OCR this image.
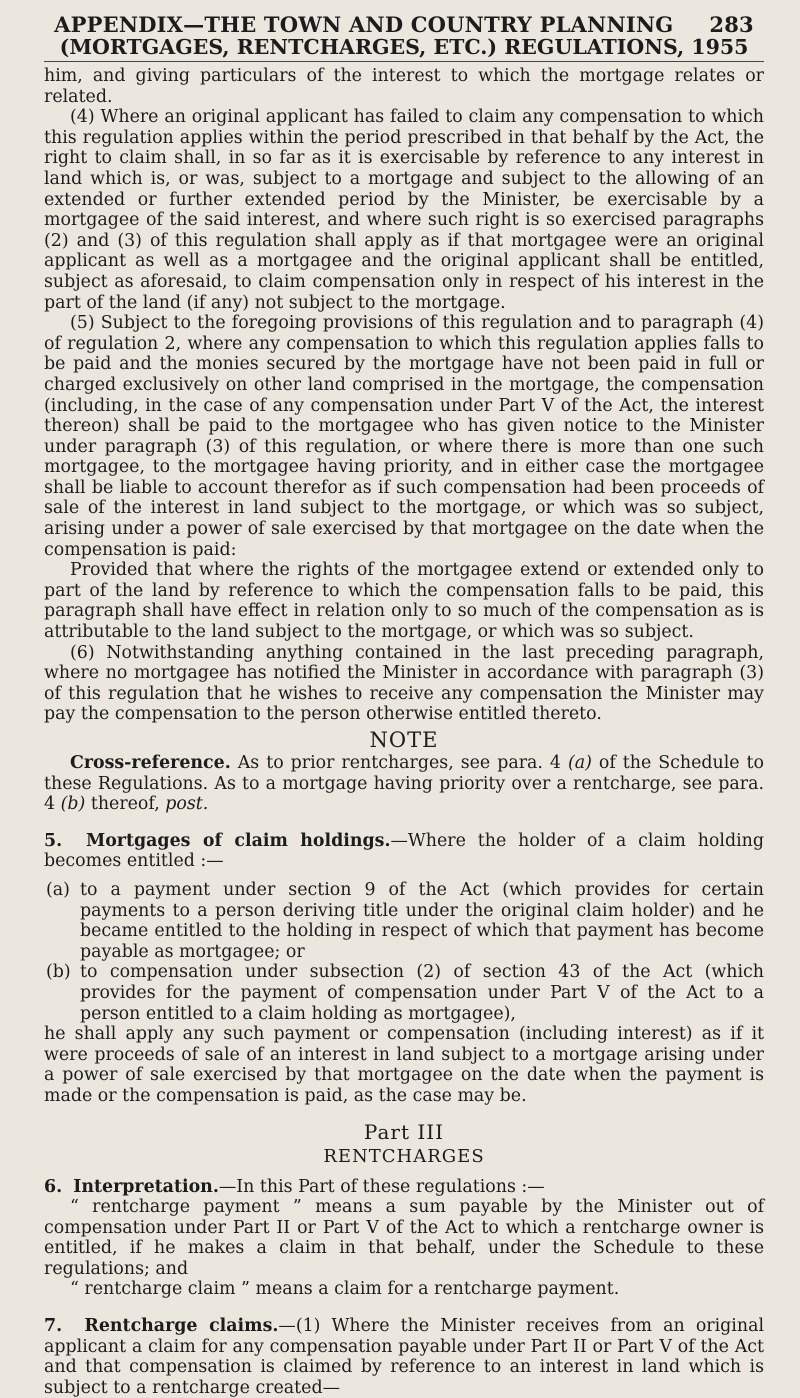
APPENDIX—THE TOWN AND COUNTRY PLANNING 283
(MORTGAGES, RENTCHARGES, ETC.) REGULATIONS, 1955

him, and giving particulars of the interest to which the mortgage relates or related.

(4) Where an original applicant has failed to claim any compensation to which this regulation applies within the period prescribed in that behalf by the Act, the right to claim shall, in so far as it is exercisable by reference to any interest in land which is, or was, subject to a mortgage and subject to the allowing of an extended or further extended period by the Minister, be exercisable by a mortgagee of the said interest, and where such right is so exercised paragraphs (2) and (3) of this regulation shall apply as if that mortgagee were an original applicant as well as a mortgagee and the original applicant shall be entitled, subject as aforesaid, to claim compensation only in respect of his interest in the part of the land (if any) not subject to the mortgage.

(5) Subject to the foregoing provisions of this regulation and to paragraph (4) of regulation 2, where any compensation to which this regulation applies falls to be paid and the monies secured by the mortgage have not been paid in full or charged exclusively on other land comprised in the mortgage, the compensation (including, in the case of any compensation under Part V of the Act, the interest thereon) shall be paid to the mortgagee who has given notice to the Minister under paragraph (3) of this regulation, or where there is more than one such mortgagee, to the mortgagee having priority, and in either case the mortgagee shall be liable to account therefor as if such compensation had been proceeds of sale of the interest in land subject to the mortgage, or which was so subject, arising under a power of sale exercised by that mortgagee on the date when the compensation is paid:

Provided that where the rights of the mortgagee extend or extended only to part of the land by reference to which the compensation falls to be paid, this paragraph shall have effect in relation only to so much of the compensation as is attributable to the land subject to the mortgage, or which was so subject.

(6) Notwithstanding anything contained in the last preceding paragraph, where no mortgagee has notified the Minister in accordance with paragraph (3) of this regulation that he wishes to receive any compensation the Minister may pay the compensation to the person otherwise entitled thereto.

NOTE

Cross-reference. As to prior rentcharges, see para. 4 (a) of the Schedule to these Regulations. As to a mortgage having priority over a rentcharge, see para. 4 (b) thereof, post.

5. Mortgages of claim holdings.—Where the holder of a claim holding becomes entitled :—

(a) to a payment under section 9 of the Act (which provides for certain payments to a person deriving title under the original claim holder) and he became entitled to the holding in respect of which that payment has become payable as mortgagee; or
(b) to compensation under subsection (2) of section 43 of the Act (which provides for the payment of compensation under Part V of the Act to a person entitled to a claim holding as mortgagee),

he shall apply any such payment or compensation (including interest) as if it were proceeds of sale of an interest in land subject to a mortgage arising under a power of sale exercised by that mortgagee on the date when the payment is made or the compensation is paid, as the case may be.

Part III
RENTCHARGES

6. Interpretation.—In this Part of these regulations :—

“ rentcharge payment ” means a sum payable by the Minister out of compensation under Part II or Part V of the Act to which a rentcharge owner is entitled, if he makes a claim in that behalf, under the Schedule to these regulations; and

“ rentcharge claim ” means a claim for a rentcharge payment.

7. Rentcharge claims.—(1) Where the Minister receives from an original applicant a claim for any compensation payable under Part II or Part V of the Act and that compensation is claimed by reference to an interest in land which is subject to a rentcharge created—
